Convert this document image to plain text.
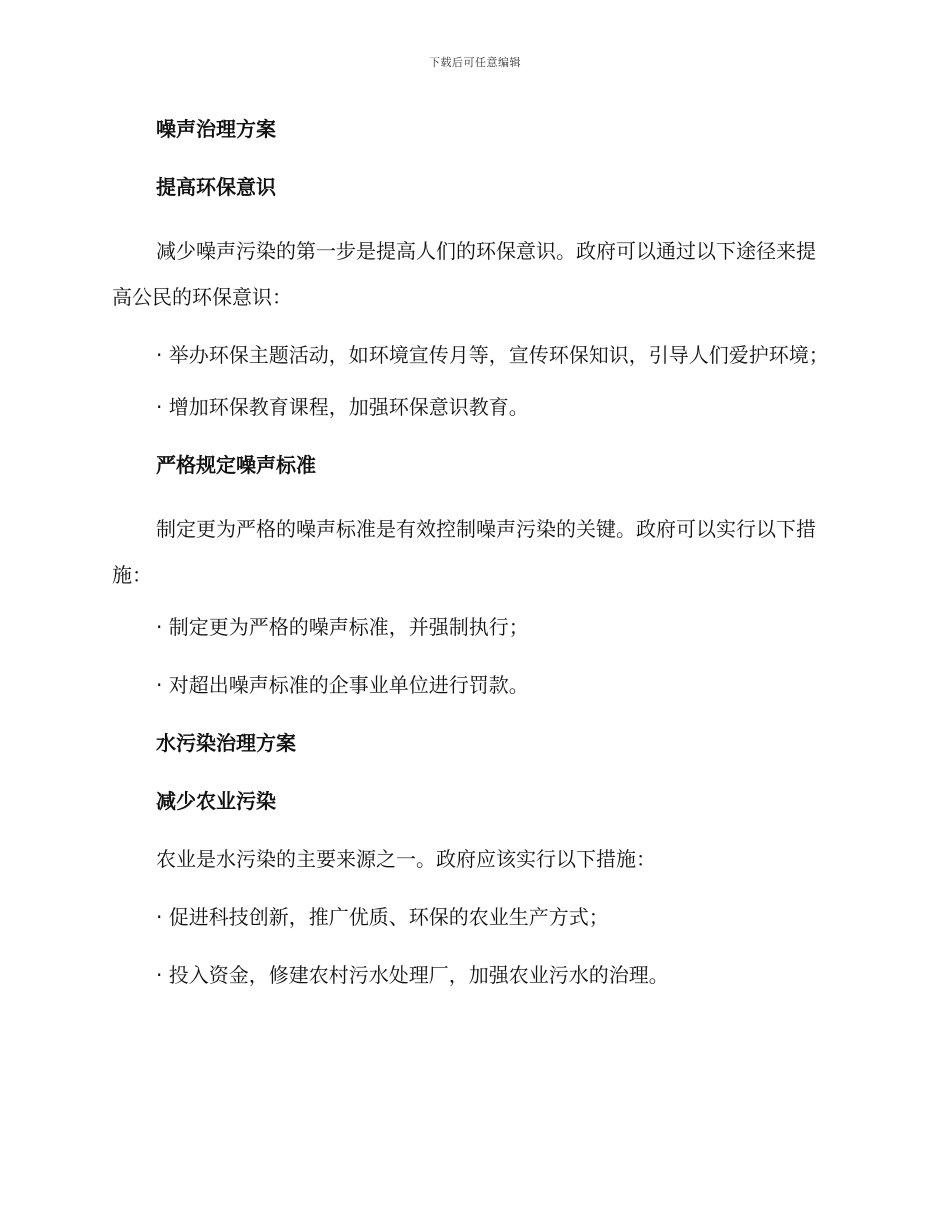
下载后可任意编辑
噪声治理方案
提高环保意识
减少噪声污染的第一步是提高人们的环保意识。政府可以通过以下途径来提高公民的环保意识：
· 举办环保主题活动，如环境宣传月等，宣传环保知识，引导人们爱护环境；
· 增加环保教育课程，加强环保意识教育。
严格规定噪声标准
制定更为严格的噪声标准是有效控制噪声污染的关键。政府可以实行以下措施：
· 制定更为严格的噪声标准，并强制执行；
· 对超出噪声标准的企事业单位进行罚款。
水污染治理方案
减少农业污染
农业是水污染的主要来源之一。政府应该实行以下措施：
· 促进科技创新，推广优质、环保的农业生产方式；
· 投入资金，修建农村污水处理厂，加强农业污水的治理。
